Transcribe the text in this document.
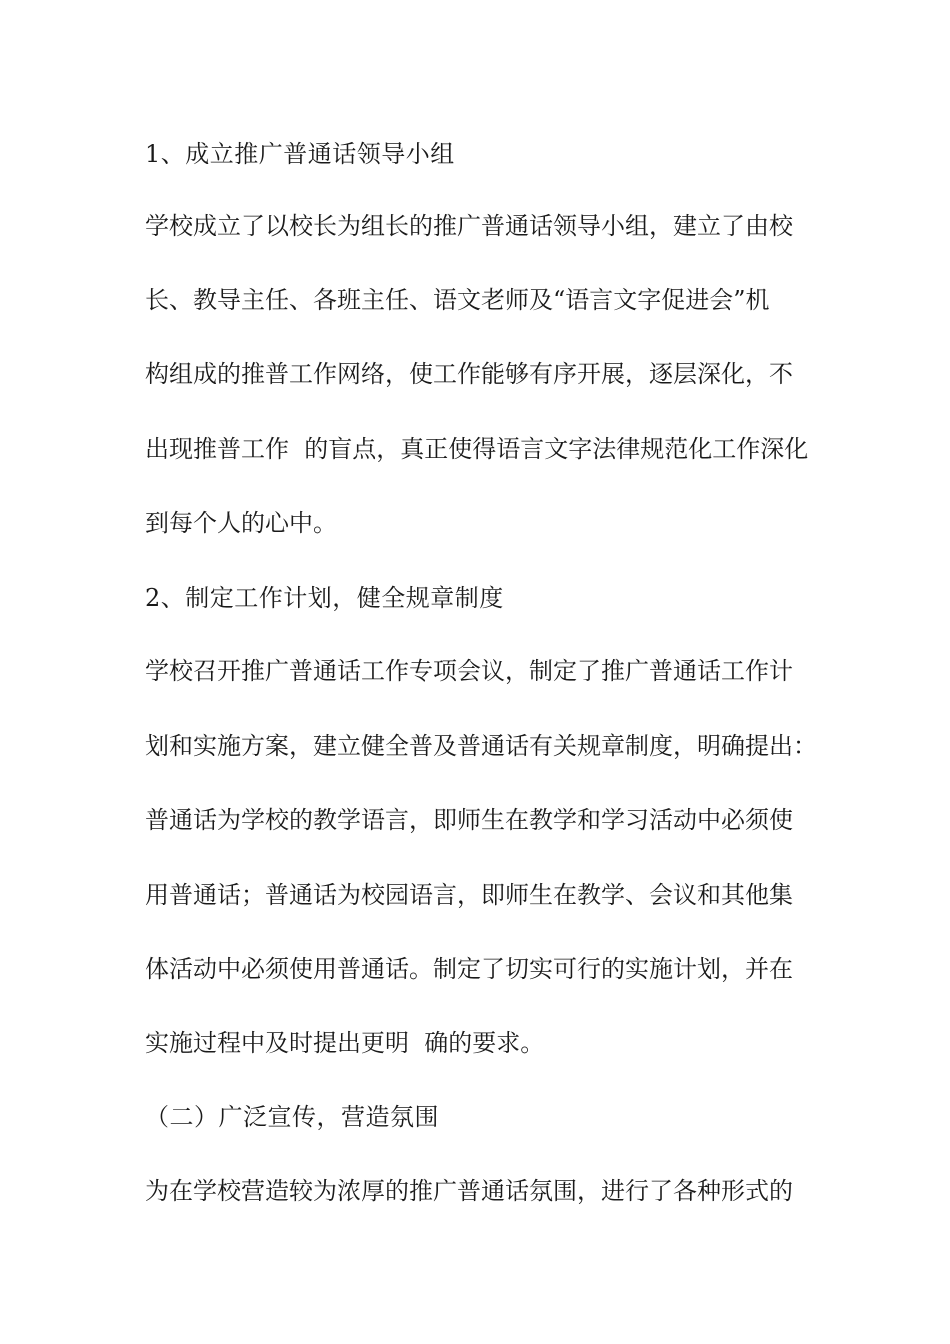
1、成立推广普通话领导小组
学校成立了以校长为组长的推广普通话领导小组，建立了由校
长、教导主任、各班主任、语文老师及“语言文字促进会”机
构组成的推普工作网络，使工作能够有序开展，逐层深化，不
出现推普工作  的盲点，真正使得语言文字法律规范化工作深化
到每个人的心中。
2、制定工作计划，健全规章制度
学校召开推广普通话工作专项会议，制定了推广普通话工作计
划和实施方案，建立健全普及普通话有关规章制度，明确提出：
普通话为学校的教学语言，即师生在教学和学习活动中必须使
用普通话；普通话为校园语言，即师生在教学、会议和其他集
体活动中必须使用普通话。制定了切实可行的实施计划，并在
实施过程中及时提出更明  确的要求。
（二）广泛宣传，营造氛围
为在学校营造较为浓厚的推广普通话氛围，进行了各种形式的
